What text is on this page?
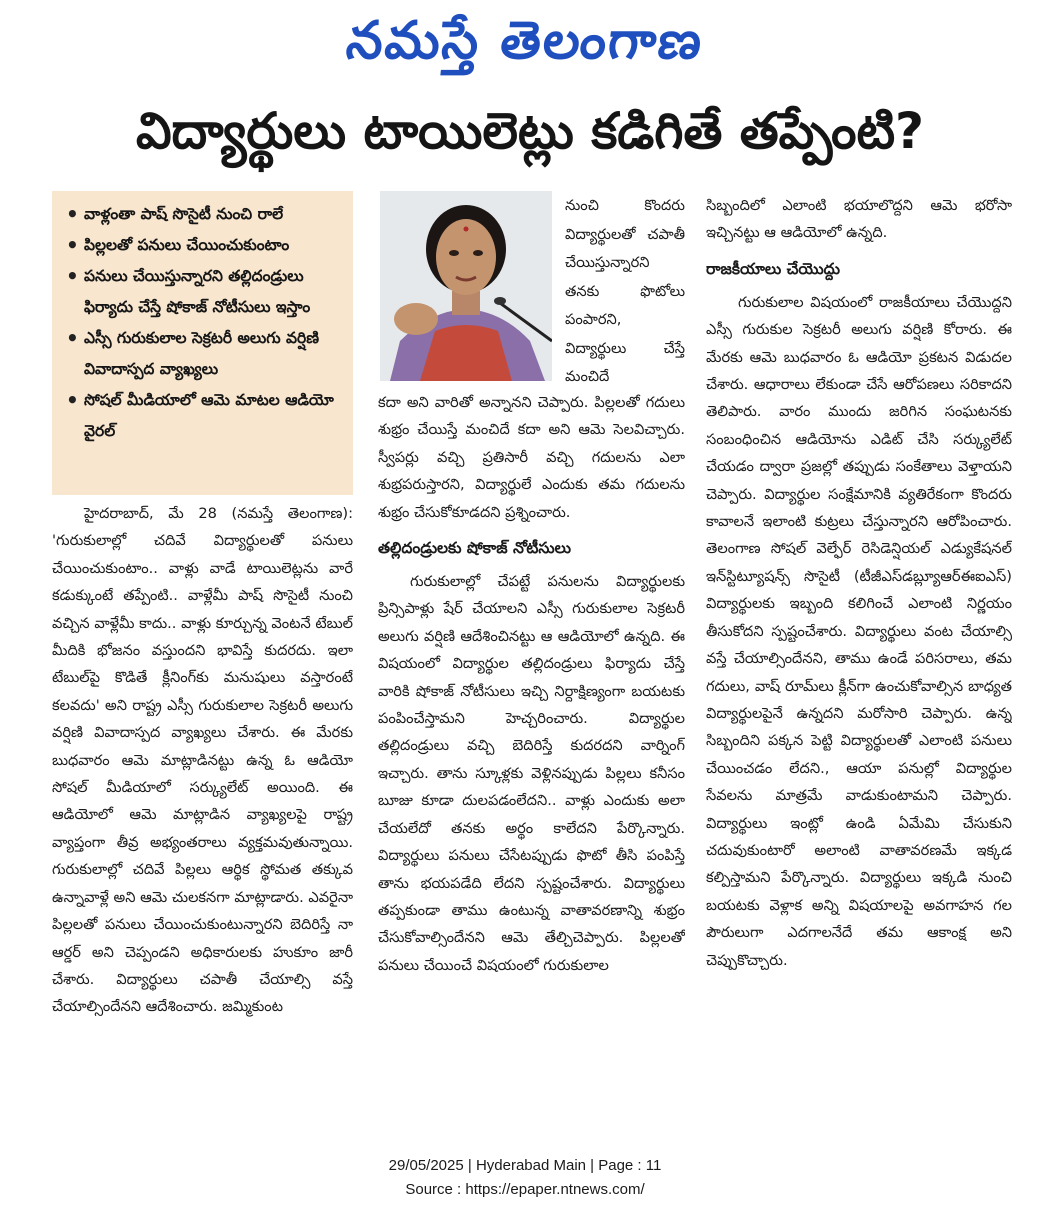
నమస్తే తెలంగాణ
విద్యార్థులు టాయిలెట్లు కడిగితే తప్పేంటి?
• వాళ్లంతా పాష్ సొసైటీ నుంచి రాలే
• పిల్లలతో పనులు చేయించుకుంటాం
• పనులు చేయిస్తున్నారని తల్లిదండ్రులు ఫిర్యాదు చేస్తే షోకాజ్ నోటీసులు ఇస్తాం
• ఎస్సీ గురుకులాల సెక్రటరీ అలుగు వర్షిణి వివాదాస్పద వ్యాఖ్యలు
• సోషల్ మీడియాలో ఆమె మాటల ఆడియో వైరల్

హైదరాబాద్, మే 28 (నమస్తే తెలంగాణ): 'గురుకులాల్లో చదివే విద్యార్థులతో పనులు చేయించుకుంటాం.. వాళ్లు వాడే టాయిలెట్లను వారే కడుక్కుంటే తప్పేంటి.. వాళ్లేమీ పాష్ సొసైటీ నుంచి వచ్చిన వాళ్లేమీ కాదు.. వాళ్లు కూర్చున్న వెంటనే టేబుల్ మీదికి భోజనం వస్తుందని భావిస్తే కుదరదు. ఇలా టేబుల్‌పై కొడితే క్లీనింగ్‌కు మనుషులు వస్తారంటే కలవదు' అని రాష్ట్ర ఎస్సీ గురుకులాల సెక్రటరీ అలుగు వర్షిణి వివాదాస్పద వ్యాఖ్యలు చేశారు. ఈ మేరకు బుధవారం ఆమె మాట్లాడినట్టు ఉన్న ఓ ఆడియో సోషల్ మీడియాలో సర్క్యులేట్ అయింది. ఈ ఆడియోలో ఆమె మాట్లాడిన వ్యాఖ్యలపై రాష్ట్ర వ్యాప్తంగా తీవ్ర అభ్యంతరాలు వ్యక్తమవుతున్నాయి. గురుకులాల్లో చదివే పిల్లలు ఆర్థిక స్థోమత తక్కువ ఉన్నావాళ్లే అని ఆమె చులకనగా మాట్లాడారు. ఎవరైనా పిల్లలతో పనులు చేయించుకుంటున్నారని బెదిరిస్తే నా ఆర్డర్ అని చెప్పండని అధికారులకు హుకూం జారీ చేశారు. విద్యార్థులు చపాతీ చేయాల్సి వస్తే చేయాల్సిందేనని ఆదేశించారు. జమ్మికుంట

నుంచి కొందరు విద్యార్థులతో చపాతీ చేయిస్తున్నారని తనకు ఫొటోలు పంపారని, విద్యార్థులు చేస్తే మంచిదే

కదా అని వారితో అన్నానని చెప్పారు. పిల్లలతో గదులు శుభ్రం చేయిస్తే మంచిదే కదా అని ఆమె సెలవిచ్చారు. స్వీపర్లు వచ్చి ప్రతిసారీ వచ్చి గదులను ఎలా శుభ్రపరుస్తారని, విద్యార్థులే ఎందుకు తమ గదులను శుభ్రం చేసుకోకూడదని ప్రశ్నించారు.

తల్లిదండ్రులకు షోకాజ్ నోటీసులు

గురుకులాల్లో చేపట్టే పనులను విద్యార్థులకు ప్రిన్సిపాళ్లు షేర్ చేయాలని ఎస్సీ గురుకులాల సెక్రటరీ అలుగు వర్షిణి ఆదేశించినట్టు ఆ ఆడియోలో ఉన్నది. ఈ విషయంలో విద్యార్థుల తల్లిదండ్రులు ఫిర్యాదు చేస్తే వారికి షోకాజ్ నోటీసులు ఇచ్చి నిర్దాక్షిణ్యంగా బయటకు పంపించేస్తామని హెచ్చరించారు. విద్యార్థుల తల్లిదండ్రులు వచ్చి బెదిరిస్తే కుదరదని వార్నింగ్ ఇచ్చారు. తాను స్కూళ్లకు వెళ్లినప్పుడు పిల్లలు కనీసం బూజు కూడా దులపడంలేదని.. వాళ్లు ఎందుకు అలా చేయలేదో తనకు అర్థం కాలేదని పేర్కొన్నారు. విద్యార్థులు పనులు చేసేటప్పుడు ఫొటో తీసి పంపిస్తే తాను భయపడేది లేదని స్పష్టంచేశారు. విద్యార్థులు తప్పకుండా తాము ఉంటున్న వాతావరణాన్ని శుభ్రం చేసుకోవాల్సిందేనని ఆమె తేల్చిచెప్పారు. పిల్లలతో పనులు చేయించే విషయంలో గురుకులాల

సిబ్బందిలో ఎలాంటి భయాలొద్దని ఆమె భరోసా ఇచ్చినట్టు ఆ ఆడియోలో ఉన్నది.

రాజకీయాలు చేయొద్దు

గురుకులాల విషయంలో రాజకీయాలు చేయొద్దని ఎస్సీ గురుకుల సెక్రటరీ అలుగు వర్షిణి కోరారు. ఈ మేరకు ఆమె బుధవారం ఓ ఆడియో ప్రకటన విడుదల చేశారు. ఆధారాలు లేకుండా చేసే ఆరోపణలు సరికాదని తెలిపారు. వారం ముందు జరిగిన సంఘటనకు సంబంధించిన ఆడియోను ఎడిట్ చేసి సర్క్యులేట్ చేయడం ద్వారా ప్రజల్లో తప్పుడు సంకేతాలు వెళ్తాయని చెప్పారు. విద్యార్థుల సంక్షేమానికి వ్యతిరేకంగా కొందరు కావాలనే ఇలాంటి కుట్రలు చేస్తున్నారని ఆరోపించారు. తెలంగాణ సోషల్ వెల్ఫేర్ రెసిడెన్షియల్ ఎడ్యుకేషనల్ ఇన్‌స్టిట్యూషన్స్ సొసైటీ (టీజీఎస్‌డబ్ల్యూఆర్‌ఈఐఎస్) విద్యార్థులకు ఇబ్బంది కలిగించే ఎలాంటి నిర్ణయం తీసుకోదని స్పష్టంచేశారు. విద్యార్థులు వంట చేయాల్సి వస్తే చేయాల్సిందేనని, తాము ఉండే పరిసరాలు, తమ గదులు, వాష్ రూమ్‌లు క్లీన్‌గా ఉంచుకోవాల్సిన బాధ్యత విద్యార్థులపైనే ఉన్నదని మరోసారి చెప్పారు. ఉన్న సిబ్బందిని పక్కన పెట్టి విద్యార్థులతో ఎలాంటి పనులు చేయించడం లేదని., ఆయా పనుల్లో విద్యార్థుల సేవలను మాత్రమే వాడుకుంటామని చెప్పారు. విద్యార్థులు ఇంట్లో ఉండి ఏమేమి చేసుకుని చదువుకుంటారో అలాంటి వాతావరణమే ఇక్కడ కల్పిస్తామని పేర్కొన్నారు. విద్యార్థులు ఇక్కడి నుంచి బయటకు వెళ్లాక అన్ని విషయాలపై అవగాహన గల పౌరులుగా ఎదగాలనేదే తమ ఆకాంక్ష అని చెప్పుకొచ్చారు.

29/05/2025 | Hyderabad Main | Page : 11
Source : https://epaper.ntnews.com/
